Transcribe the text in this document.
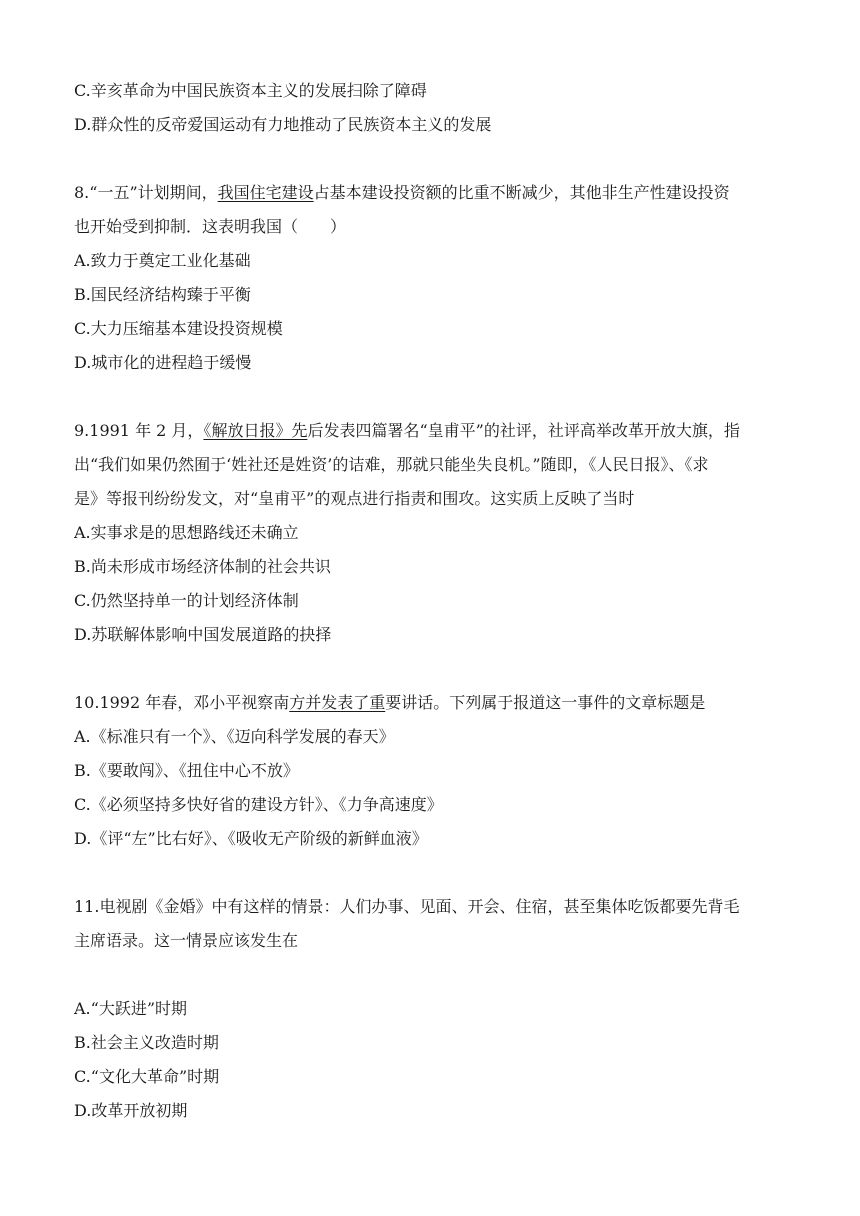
C.辛亥革命为中国民族资本主义的发展扫除了障碍
D.群众性的反帝爱国运动有力地推动了民族资本主义的发展
8.“一五”计划期间，我国住宅建设占基本建设投资额的比重不断减少，其他非生产性建设投资
也开始受到抑制．这表明我国（　　）
A.致力于奠定工业化基础
B.国民经济结构臻于平衡
C.大力压缩基本建设投资规模
D.城市化的进程趋于缓慢
9.1991 年 2 月，《解放日报》先后发表四篇署名“皇甫平”的社评，社评高举改革开放大旗，指
出“我们如果仍然囿于‘姓社还是姓资’的诘难，那就只能坐失良机。”随即，《人民日报》、《求
是》等报刊纷纷发文，对“皇甫平”的观点进行指责和围攻。这实质上反映了当时
A.实事求是的思想路线还未确立
B.尚未形成市场经济体制的社会共识
C.仍然坚持单一的计划经济体制
D.苏联解体影响中国发展道路的抉择
10.1992 年春，邓小平视察南方并发表了重要讲话。下列属于报道这一事件的文章标题是
A.《标准只有一个》、《迈向科学发展的春天》
B.《要敢闯》、《扭住中心不放》
C.《必须坚持多快好省的建设方针》、《力争高速度》
D.《评“左”比右好》、《吸收无产阶级的新鲜血液》
11.电视剧《金婚》中有这样的情景：人们办事、见面、开会、住宿，甚至集体吃饭都要先背毛
主席语录。这一情景应该发生在
A.“大跃进”时期
B.社会主义改造时期
C.“文化大革命”时期
D.改革开放初期
